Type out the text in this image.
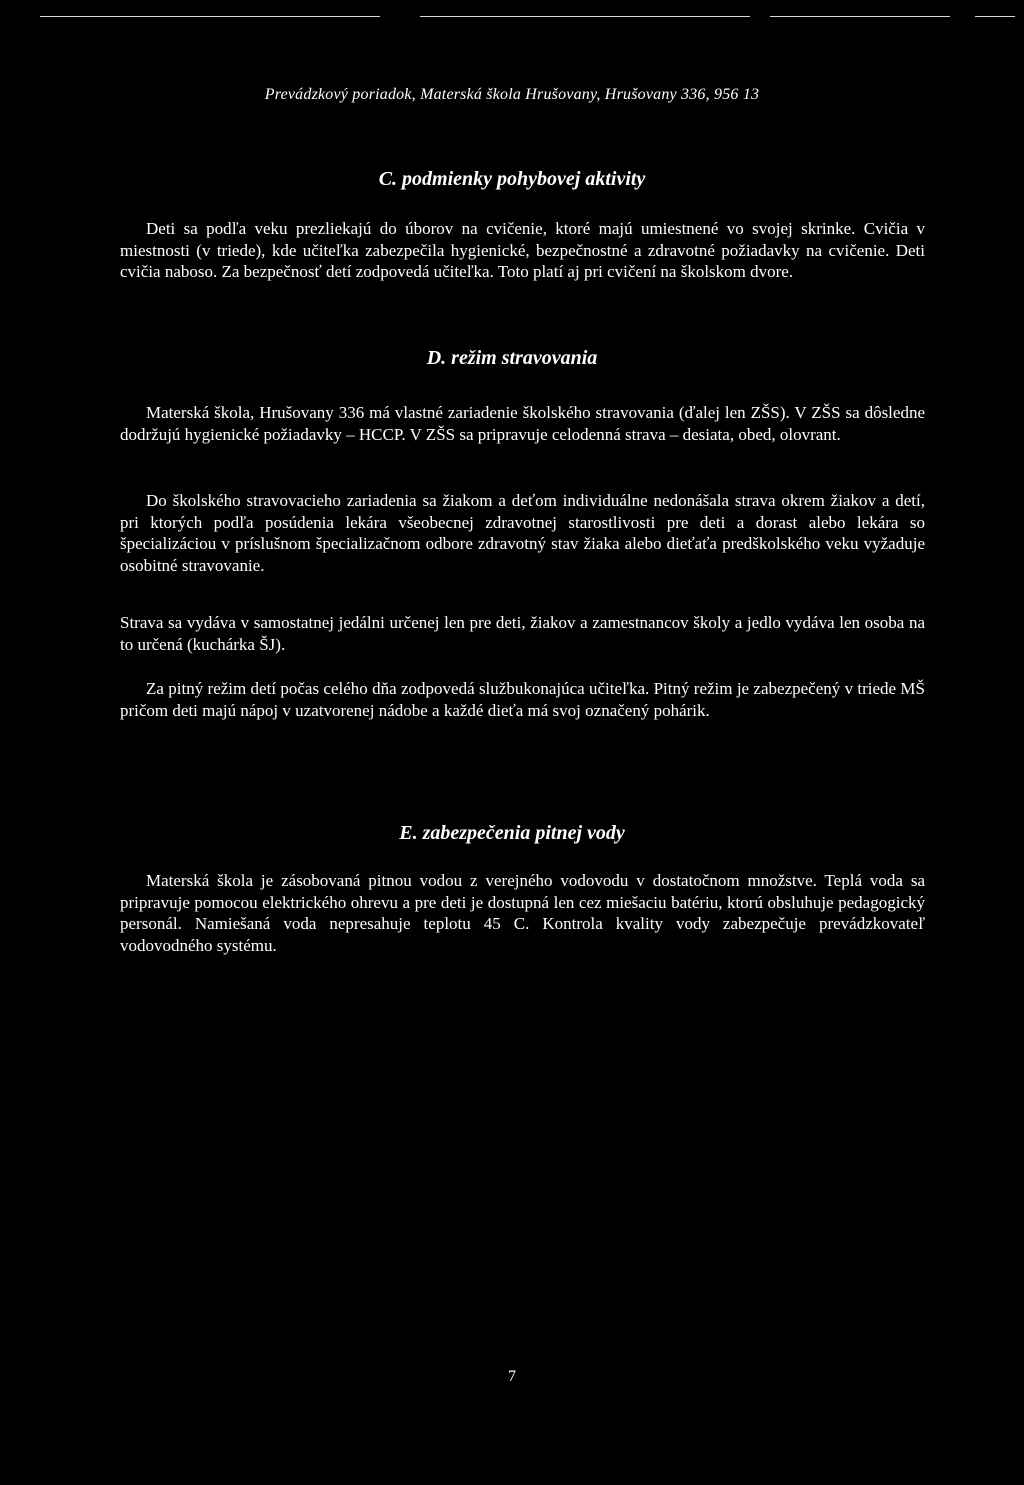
Prevádzkový poriadok, Materská škola Hrušovany, Hrušovany 336, 956 13
C. podmienky pohybovej aktivity

Deti sa podľa veku prezliekajú do úborov na cvičenie, ktoré majú umiestnené vo svojej skrinke. Cvičia v miestnosti (v triede), kde učiteľka zabezpečila hygienické, bezpečnostné a zdravotné požiadavky na cvičenie. Deti cvičia naboso. Za bezpečnosť detí zodpovedá učiteľka. Toto platí aj pri cvičení na školskom dvore.

D. režim stravovania

Materská škola, Hrušovany 336 má vlastné zariadenie školského stravovania (ďalej len ZŠS). V ZŠS sa dôsledne dodržujú hygienické požiadavky – HCCP. V ZŠS sa pripravuje celodenná strava – desiata, obed, olovrant.

Do školského stravovacieho zariadenia sa žiakom a deťom individuálne nedonášala strava okrem žiakov a detí, pri ktorých podľa posúdenia lekára všeobecnej zdravotnej starostlivosti pre deti a dorast alebo lekára so špecializáciou v príslušnom špecializačnom odbore zdravotný stav žiaka alebo dieťaťa predškolského veku vyžaduje osobitné stravovanie.

Strava sa vydáva v samostatnej jedálni určenej len pre deti, žiakov a zamestnancov školy a jedlo vydáva len osoba na to určená (kuchárka ŠJ).

Za pitný režim detí počas celého dňa zodpovedá službukonajúca učiteľka. Pitný režim je zabezpečený v triede MŠ pričom deti majú nápoj v uzatvorenej nádobe a každé dieťa má svoj označený pohárik.

E. zabezpečenia pitnej vody

Materská škola je zásobovaná pitnou vodou z verejného vodovodu v dostatočnom množstve. Teplá voda sa pripravuje pomocou elektrického ohrevu a pre deti je dostupná len cez miešaciu batériu, ktorú obsluhuje pedagogický personál. Namiešaná voda nepresahuje teplotu 45 C. Kontrola kvality vody zabezpečuje prevádzkovateľ vodovodného systému.

7
